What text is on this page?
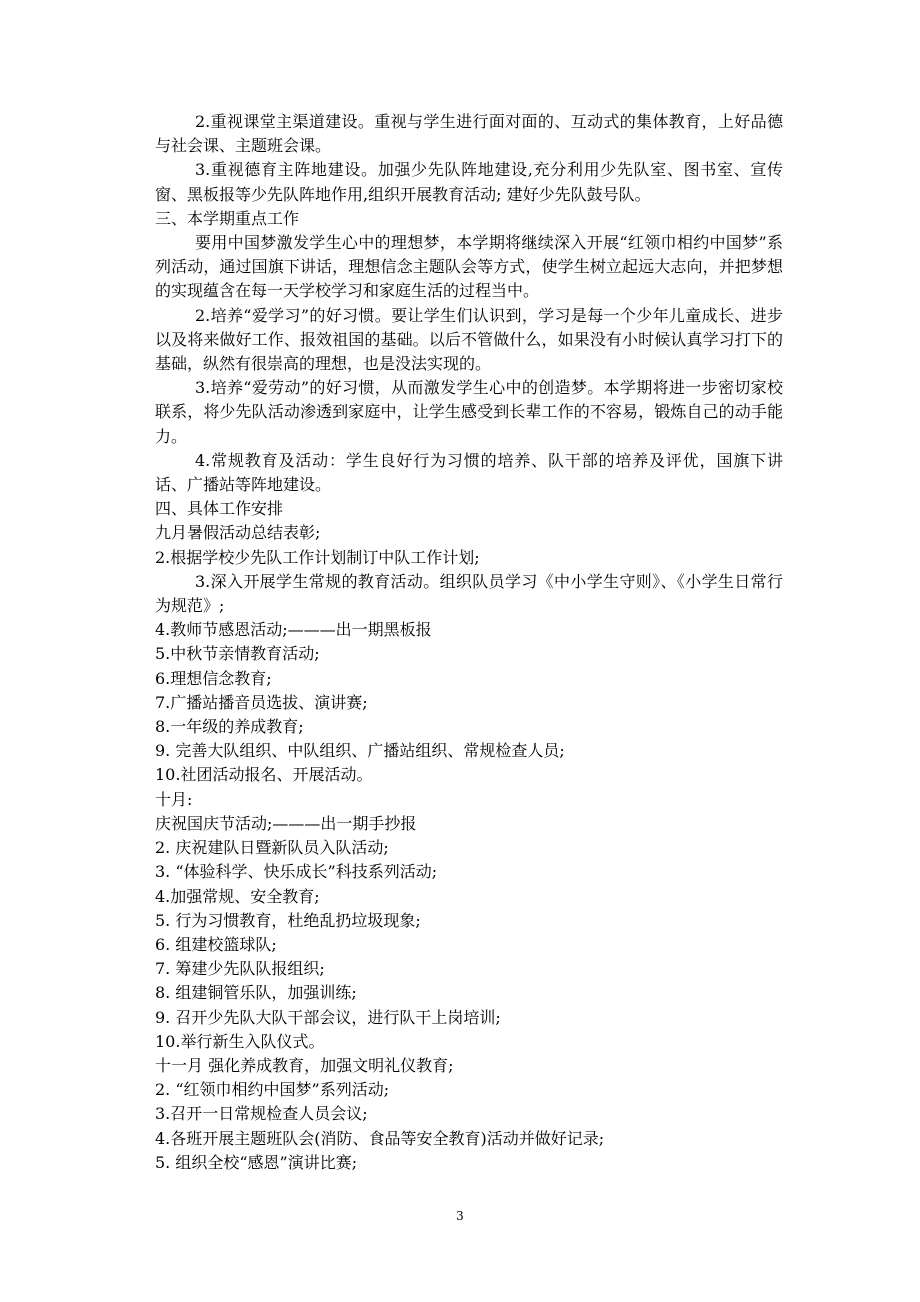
2.重视课堂主渠道建设。重视与学生进行面对面的、互动式的集体教育，上好品德与社会课、主题班会课。

3.重视德育主阵地建设。加强少先队阵地建设,充分利用少先队室、图书室、宣传窗、黑板报等少先队阵地作用,组织开展教育活动; 建好少先队鼓号队。

三、本学期重点工作

要用中国梦激发学生心中的理想梦，本学期将继续深入开展“红领巾相约中国梦”系列活动，通过国旗下讲话，理想信念主题队会等方式，使学生树立起远大志向，并把梦想的实现蕴含在每一天学校学习和家庭生活的过程当中。

2.培养“爱学习”的好习惯。要让学生们认识到，学习是每一个少年儿童成长、进步以及将来做好工作、报效祖国的基础。以后不管做什么，如果没有小时候认真学习打下的基础，纵然有很崇高的理想，也是没法实现的。

3.培养“爱劳动”的好习惯，从而激发学生心中的创造梦。本学期将进一步密切家校联系，将少先队活动渗透到家庭中，让学生感受到长辈工作的不容易，锻炼自己的动手能力。

4.常规教育及活动：学生良好行为习惯的培养、队干部的培养及评优，国旗下讲话、广播站等阵地建设。

四、具体工作安排

九月暑假活动总结表彰;

2.根据学校少先队工作计划制订中队工作计划;

3.深入开展学生常规的教育活动。组织队员学习《中小学生守则》、《小学生日常行为规范》;

4.教师节感恩活动;———出一期黑板报

5.中秋节亲情教育活动;

6.理想信念教育;

7.广播站播音员选拔、演讲赛;

8.一年级的养成教育;

9. 完善大队组织、中队组织、广播站组织、常规检查人员;

10.社团活动报名、开展活动。

十月:

庆祝国庆节活动;———出一期手抄报

2. 庆祝建队日暨新队员入队活动;

3. “体验科学、快乐成长”科技系列活动;

4.加强常规、安全教育;

5. 行为习惯教育，杜绝乱扔垃圾现象;

6. 组建校篮球队;

7. 筹建少先队队报组织;

8. 组建铜管乐队，加强训练;

9. 召开少先队大队干部会议，进行队干上岗培训;

10.举行新生入队仪式。

十一月 强化养成教育，加强文明礼仪教育;

2. “红领巾相约中国梦”系列活动;

3.召开一日常规检查人员会议;

4.各班开展主题班队会(消防、食品等安全教育)活动并做好记录;

5. 组织全校“感恩”演讲比赛;

3
